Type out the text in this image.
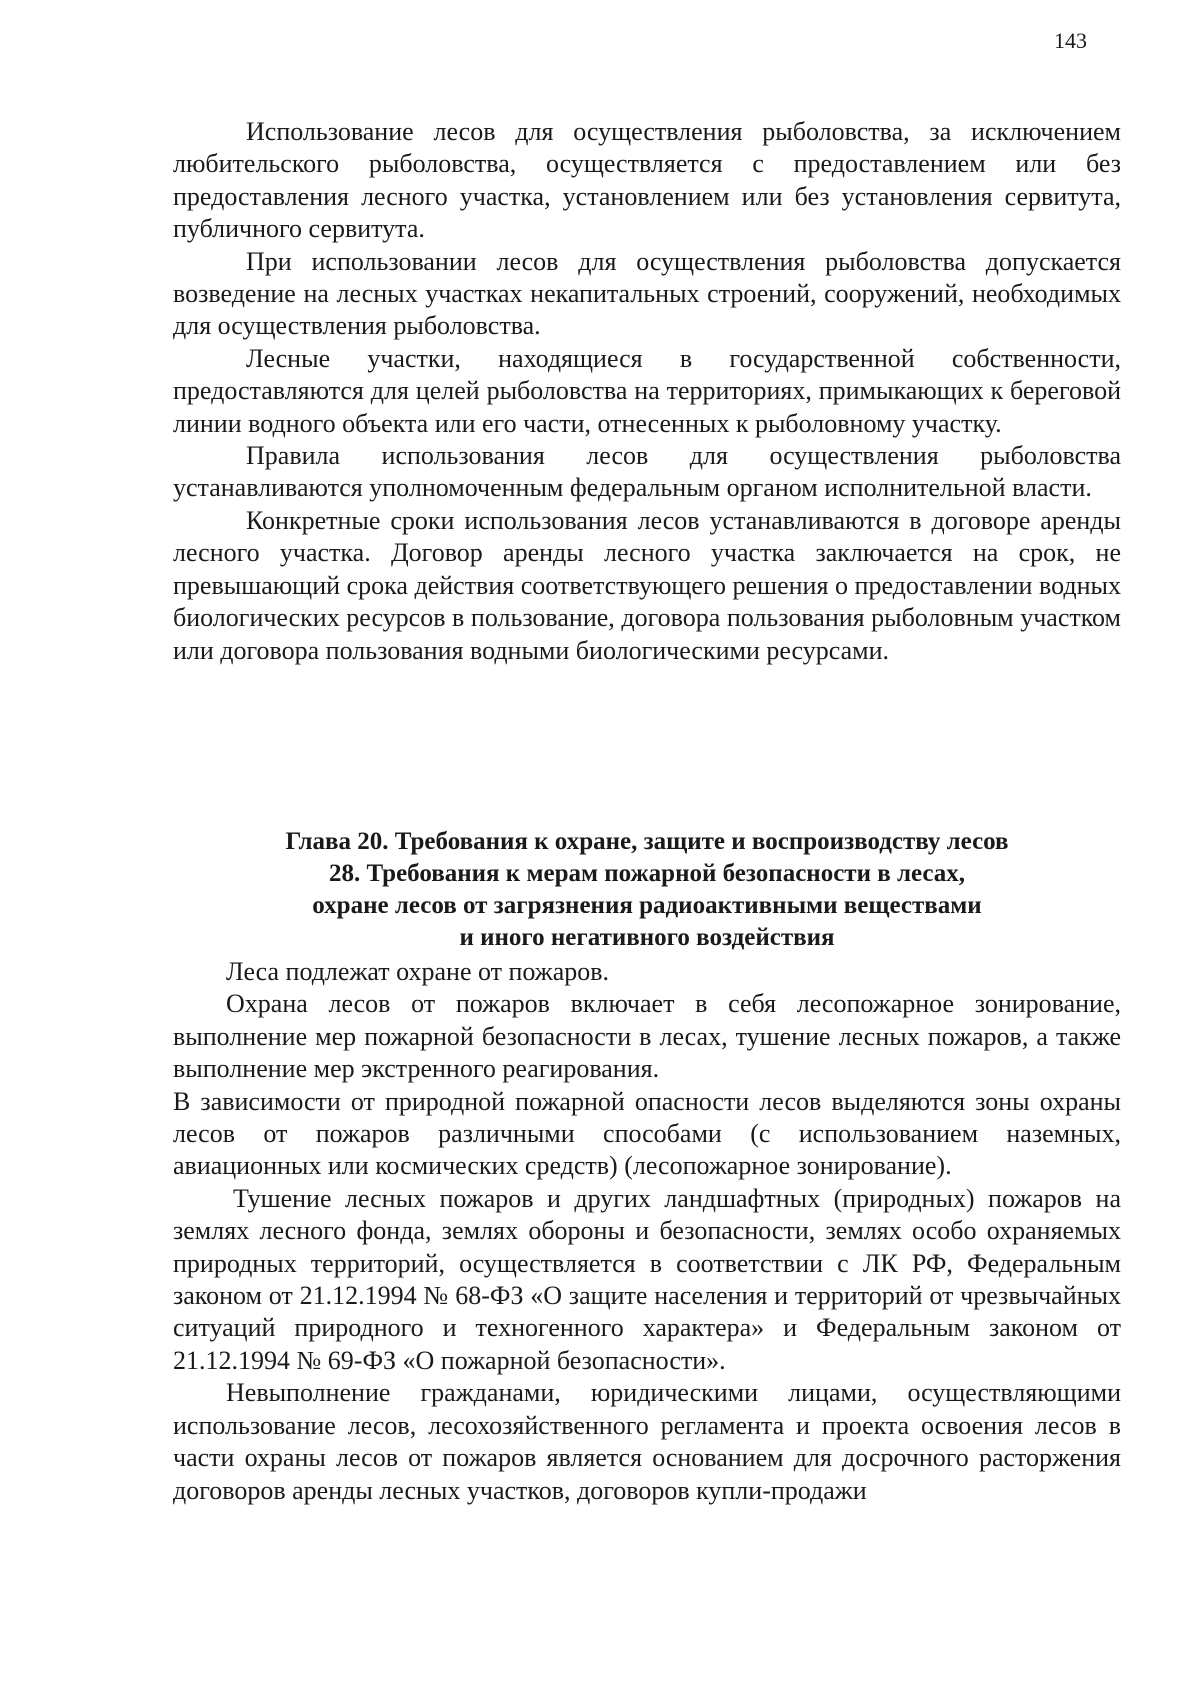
143

Использование лесов для осуществления рыболовства, за исключением любительского рыболовства, осуществляется с предоставлением или без предоставления лесного участка, установлением или без установления сервитута, публичного сервитута.

При использовании лесов для осуществления рыболовства допускается возведение на лесных участках некапитальных строений, сооружений, необходимых для осуществления рыболовства.

Лесные участки, находящиеся в государственной собственности, предоставляются для целей рыболовства на территориях, примыкающих к береговой линии водного объекта или его части, отнесенных к рыболовному участку.

Правила использования лесов для осуществления рыболовства устанавливаются уполномоченным федеральным органом исполнительной власти.

Конкретные сроки использования лесов устанавливаются в договоре аренды лесного участка. Договор аренды лесного участка заключается на срок, не превышающий срока действия соответствующего решения о предоставлении водных биологических ресурсов в пользование, договора пользования рыболовным участком или договора пользования водными биологическими ресурсами.

Глава 20. Требования к охране, защите и воспроизводству лесов
28. Требования к мерам пожарной безопасности в лесах,
охране лесов от загрязнения радиоактивными веществами
и иного негативного воздействия

Леса подлежат охране от пожаров.

Охрана лесов от пожаров включает в себя лесопожарное зонирование, выполнение мер пожарной безопасности в лесах, тушение лесных пожаров, а также выполнение мер экстренного реагирования.

В зависимости от природной пожарной опасности лесов выделяются зоны охраны лесов от пожаров различными способами (с использованием наземных, авиационных или космических средств) (лесопожарное зонирование).

Тушение лесных пожаров и других ландшафтных (природных) пожаров на землях лесного фонда, землях обороны и безопасности, землях особо охраняемых природных территорий, осуществляется в соответствии с ЛК РФ, Федеральным законом от 21.12.1994 № 68-ФЗ «О защите населения и территорий от чрезвычайных ситуаций природного и техногенного характера» и Федеральным законом от 21.12.1994 № 69-ФЗ «О пожарной безопасности».

Невыполнение гражданами, юридическими лицами, осуществляющими использование лесов, лесохозяйственного регламента и проекта освоения лесов в части охраны лесов от пожаров является основанием для досрочного расторжения договоров аренды лесных участков, договоров купли-продажи
